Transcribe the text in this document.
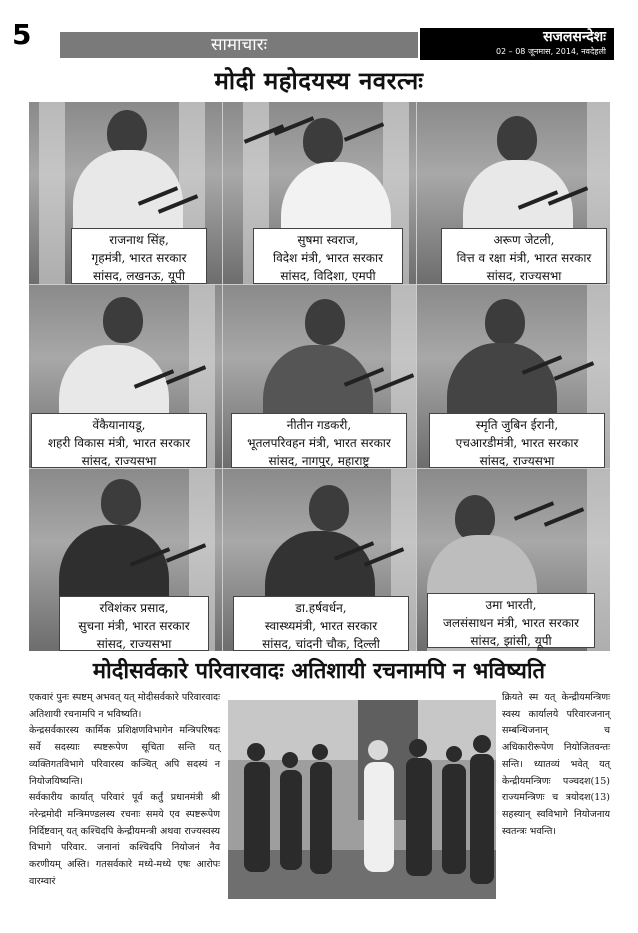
5	सामाचारः	सजलसन्देशः
02 – 08 जूनमास, 2014, नवदेहली
मोदी महोदयस्य नवरत्नः
राजनाथ सिंह,
गृहमंत्री, भारत सरकार
सांसद, लखनऊ, यूपी
सुषमा स्वराज,
विदेश मंत्री, भारत सरकार
सांसद, विदिशा, एमपी
अरूण जेटली,
वित्त व रक्षा मंत्री, भारत सरकार
सांसद, राज्यसभा
वेंकैयानायडू,
शहरी विकास मंत्री, भारत सरकार
सांसद, राज्यसभा
नीतीन गडकरी,
भूतलपरिवहन मंत्री, भारत सरकार
सांसद, नागपुर, महाराष्ट्र
स्मृति जुबिन ईरानी,
एचआरडीमंत्री, भारत सरकार
सांसद, राज्यसभा
रविशंकर प्रसाद,
सुचना मंत्री, भारत सरकार
सांसद, राज्यसभा
डा.हर्षवर्धन,
स्वास्थ्यमंत्री, भारत सरकार
सांसद, चांदनी चौक, दिल्ली
उमा भारती,
जलसंसाधन मंत्री, भारत सरकार
सांसद, झांसी, यूपी
मोदीसर्वकारे परिवारवादः अतिशायी रचनामपि न भविष्यति

एकवारं पुनः स्पष्टम् अभवत् यत् मोदीसर्वकारे परिवारवादः अतिशायी रचनामपि न भविष्यति।

केन्द्रसर्वकारस्य कार्मिक प्रशिक्षणविभागेन मन्त्रिपरिषदः सर्वे सदस्याः स्पष्टरूपेण सूचिता सन्ति यत् व्यक्तिगतविभागे परिवारस्य कञ्चित् अपि सदस्यं न नियोजयिष्यन्ति।

सर्वकारीय कार्यात् परिवारं पूर्व कर्तुं प्रधानमंत्री श्री नरेन्द्रमोदी मन्त्रिमण्डलस्य रचनाः समये एव स्पष्टरूपेण निर्दिष्टवान् यत् कश्चिदपि केन्द्रीयमन्त्री अथवा राज्यस्वस्य विभागे परिवार. जनानां कश्चिदपि नियोजनं नैव करणीयम् अस्ति। गतसर्वकारे मध्ये-मध्ये एषः आरोपः वारम्वारं

क्रियते स्म यत् केन्द्रीयमन्त्रिणः स्वस्य कार्यालये परिवारजनान् सम्बन्धिजनान् च अधिकारीरूपेण नियोजितवन्तः सन्ति। ध्यातव्यं भवेत् यत् केन्द्रीयमन्त्रिणः पञ्चदश(15) राज्यमन्त्रिणः च त्रयोदश(13) सहस्यान् स्वविभागे नियोजनाय स्वतन्त्रः भवन्ति।
